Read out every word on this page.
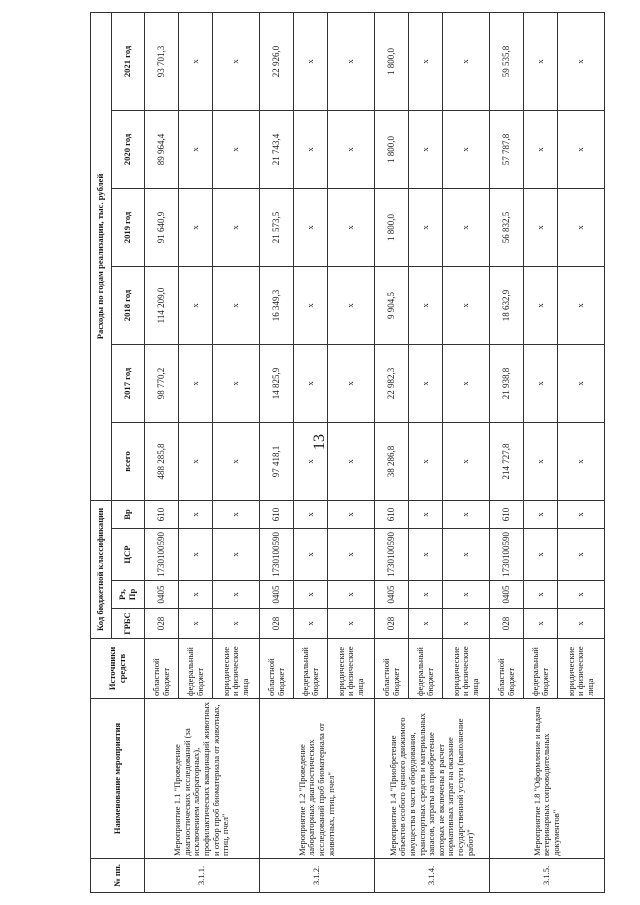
13
№ пп.	Наименование мероприятия	Источники средств	Код бюджетной классификации				Расходы по годам реализации, тыс. рублей					
			ГРБС	Рз, Пр	ЦСР	Вр	всего	2017 год	2018 год	2019 год	2020 год	2021 год
3.1.1.	Мероприятие 1.1 "Проведение диагностических исследований (за исключением лабораторных), профилактических вакцинаций животных и отбор проб биоматериала от животных, птиц, пчел"	областной бюджет	028	0405	1730100590	610	488 285,8	98 770,2	114 209,0	91 640,9	89 964,4	93 701,3
		федеральный бюджет	x	x	x	x	x	x	x	x	x	x
		юридические и физические лица	x	x	x	x	x	x	x	x	x	x
3.1.2.	Мероприятие 1.2 "Проведение лабораторных диагностических исследований проб биоматериала от животных, птиц, пчел"	областной бюджет	028	0405	1730100590	610	97 418,1	14 825,9	16 349,3	21 573,5	21 743,4	22 926,0
		федеральный бюджет	x	x	x	x	x	x	x	x	x	x
		юридические и физические лица	x	x	x	x	x	x	x	x	x	x
3.1.4.	Мероприятие 1.4 "Приобретение объектов особого ценного движимого имущества в части оборудования, транспортных средств и материальных запасов, затраты на приобретение которых не включены в расчет нормативных затрат на оказание государственной услуги (выполнение работ)"	областной бюджет	028	0405	1730100590	610	38 286,8	22 982,3	9 904,5	1 800,0	1 800,0	1 800,0
		федеральный бюджет	x	x	x	x	x	x	x	x	x	x
		юридические и физические лица	x	x	x	x	x	x	x	x	x	x
3.1.5.	Мероприятие 1.8 "Оформление и выдача ветеринарных сопроводительных документов"	областной бюджет	028	0405	1730100590	610	214 727,8	21 938,8	18 632,9	56 832,5	57 787,8	59 535,8
		федеральный бюджет	x	x	x	x	x	x	x	x	x	x
		юридические и физические лица	x	x	x	x	x	x	x	x	x	x
